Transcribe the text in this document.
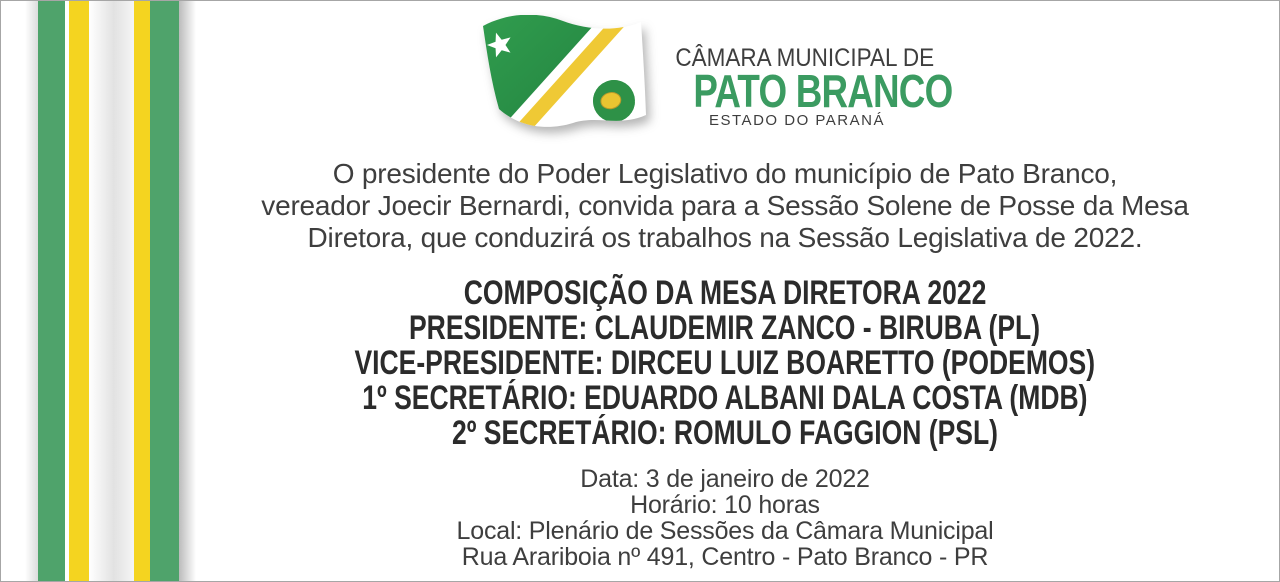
CÂMARA MUNICIPAL DE
PATO BRANCO
ESTADO DO PARANÁ
O presidente do Poder Legislativo do município de Pato Branco,
vereador Joecir Bernardi, convida para a Sessão Solene de Posse da Mesa
Diretora, que conduzirá os trabalhos na Sessão Legislativa de 2022.
COMPOSIÇÃO DA MESA DIRETORA 2022
PRESIDENTE: CLAUDEMIR ZANCO - BIRUBA (PL)
VICE-PRESIDENTE: DIRCEU LUIZ BOARETTO (PODEMOS)
1º SECRETÁRIO: EDUARDO ALBANI DALA COSTA (MDB)
2º SECRETÁRIO: ROMULO FAGGION (PSL)
Data: 3 de janeiro de 2022
Horário: 10 horas
Local: Plenário de Sessões da Câmara Municipal
Rua Arariboia nº 491, Centro - Pato Branco - PR
